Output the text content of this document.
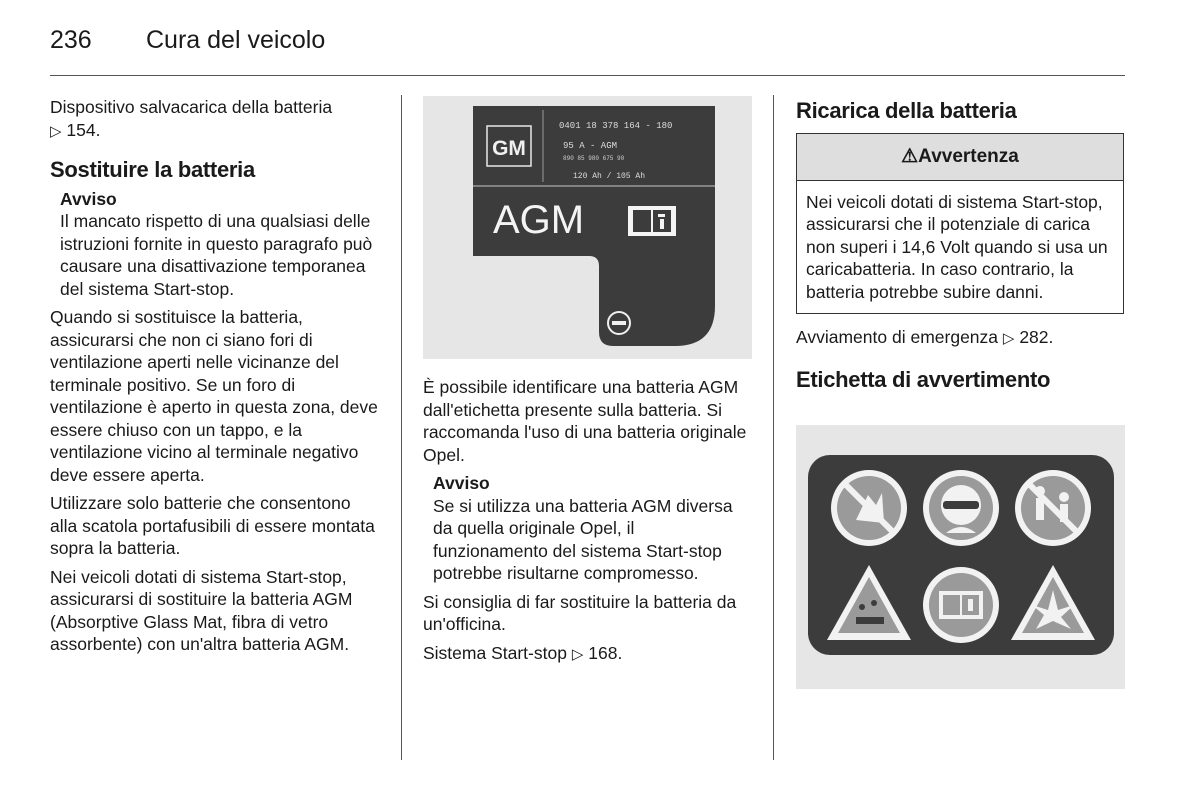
236 Cura del veicolo

Dispositivo salvacarica della batteria
▷ 154.

Sostituire la batteria
Avviso
Il mancato rispetto di una qualsiasi delle istruzioni fornite in questo paragrafo può causare una disattivazione temporanea del sistema Start-stop.

Quando si sostituisce la batteria, assicurarsi che non ci siano fori di ventilazione aperti nelle vicinanze del terminale positivo. Se un foro di ventilazione è aperto in questa zona, deve essere chiuso con un tappo, e la ventilazione vicino al terminale negativo deve essere aperta.

Utilizzare solo batterie che consentono alla scatola portafusibili di essere montata sopra la batteria.

Nei veicoli dotati di sistema Start-stop, assicurarsi di sostituire la batteria AGM (Absorptive Glass Mat, fibra di vetro assorbente) con un'altra batteria AGM.

GM
0401 18 378 164 - 180
95 A - AGM
890 85 980 675 90
120 Ah / 105 Ah
AGM

È possibile identificare una batteria AGM dall'etichetta presente sulla batteria. Si raccomanda l'uso di una batteria originale Opel.

Avviso
Se si utilizza una batteria AGM diversa da quella originale Opel, il funzionamento del sistema Start-stop potrebbe risultarne compromesso.

Si consiglia di far sostituire la batteria da un'officina.

Sistema Start-stop ▷ 168.

Ricarica della batteria
⚠Avvertenza
Nei veicoli dotati di sistema Start-stop, assicurarsi che il potenziale di carica non superi i 14,6 Volt quando si usa un caricabatteria. In caso contrario, la batteria potrebbe subire danni.

Avviamento di emergenza ▷ 282.

Etichetta di avvertimento
